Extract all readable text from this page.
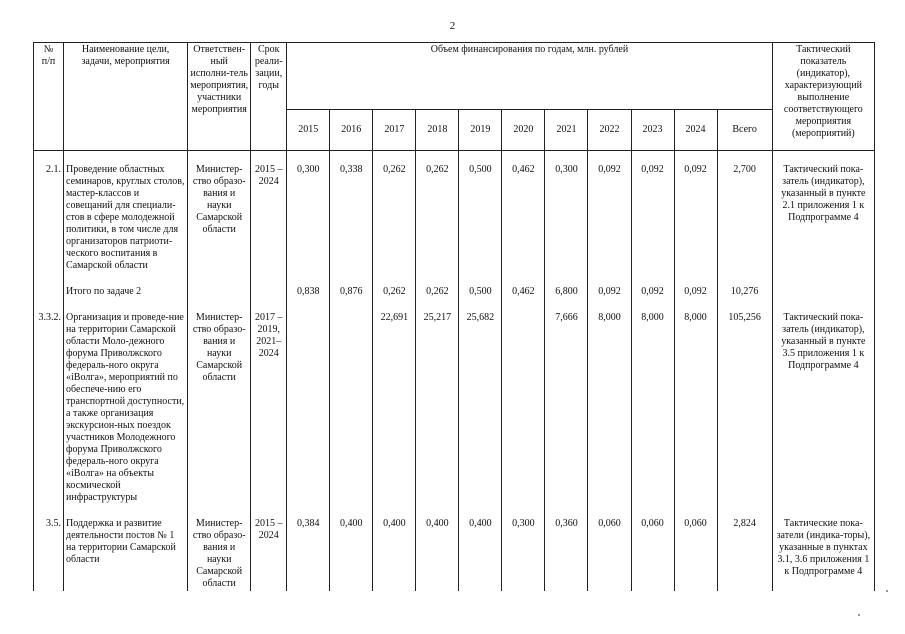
2
№
п/п	Наименование цели, задачи, мероприятия	Ответствен-ный исполни-тель мероприятия, участники мероприятия	Срок реали-зации, годы	Объем финансирования по годам, млн. рублей											Тактический показатель (индикатор), характеризующий выполнение соответствующего мероприятия (мероприятий)
				2015	2016	2017	2018	2019	2020	2021	2022	2023	2024	Всего	

2.1.	Проведение областных семинаров, круглых столов, мастер-классов и совещаний для специали-стов в сфере молодежной политики, в том числе для организаторов патриоти-ческого воспитания в Самарской области	Министер-ство образо-вания и науки Самарской области	2015 – 2024	0,300	0,338	0,262	0,262	0,500	0,462	0,300	0,092	0,092	0,092	2,700	Тактический пока-затель (индикатор), указанный в пункте 2.1 приложения 1 к Подпрограмме 4

	Итого по задаче 2			0,838	0,876	0,262	0,262	0,500	0,462	6,800	0,092	0,092	0,092	10,276	

3.3.2.	Организация и проведе-ние на территории Самарской области Моло-дежного форума Приволжского федераль-ного округа «iВолга», мероприятий по обеспече-нию его транспортной доступности, а также организация экскурсион-ных поездок участников Молодежного форума Приволжского федераль-ного округа «iВолга» на объекты космической инфраструктуры	Министер-ство образо-вания и науки Самарской области	2017 – 2019, 2021– 2024			22,691	25,217	25,682		7,666	8,000	8,000	8,000	105,256	Тактический пока-затель (индикатор), указанный в пункте 3.5 приложения 1 к Подпрограмме 4

3.5.	Поддержка и развитие деятельности постов № 1 на территории Самарской области	Министер-ство образо-вания и науки Самарской области	2015 – 2024	0,384	0,400	0,400	0,400	0,400	0,300	0,360	0,060	0,060	0,060	2,824	Тактические пока-затели (индика-торы), указанные в пунктах 3.1, 3.6 приложения 1 к Подпрограмме 4
